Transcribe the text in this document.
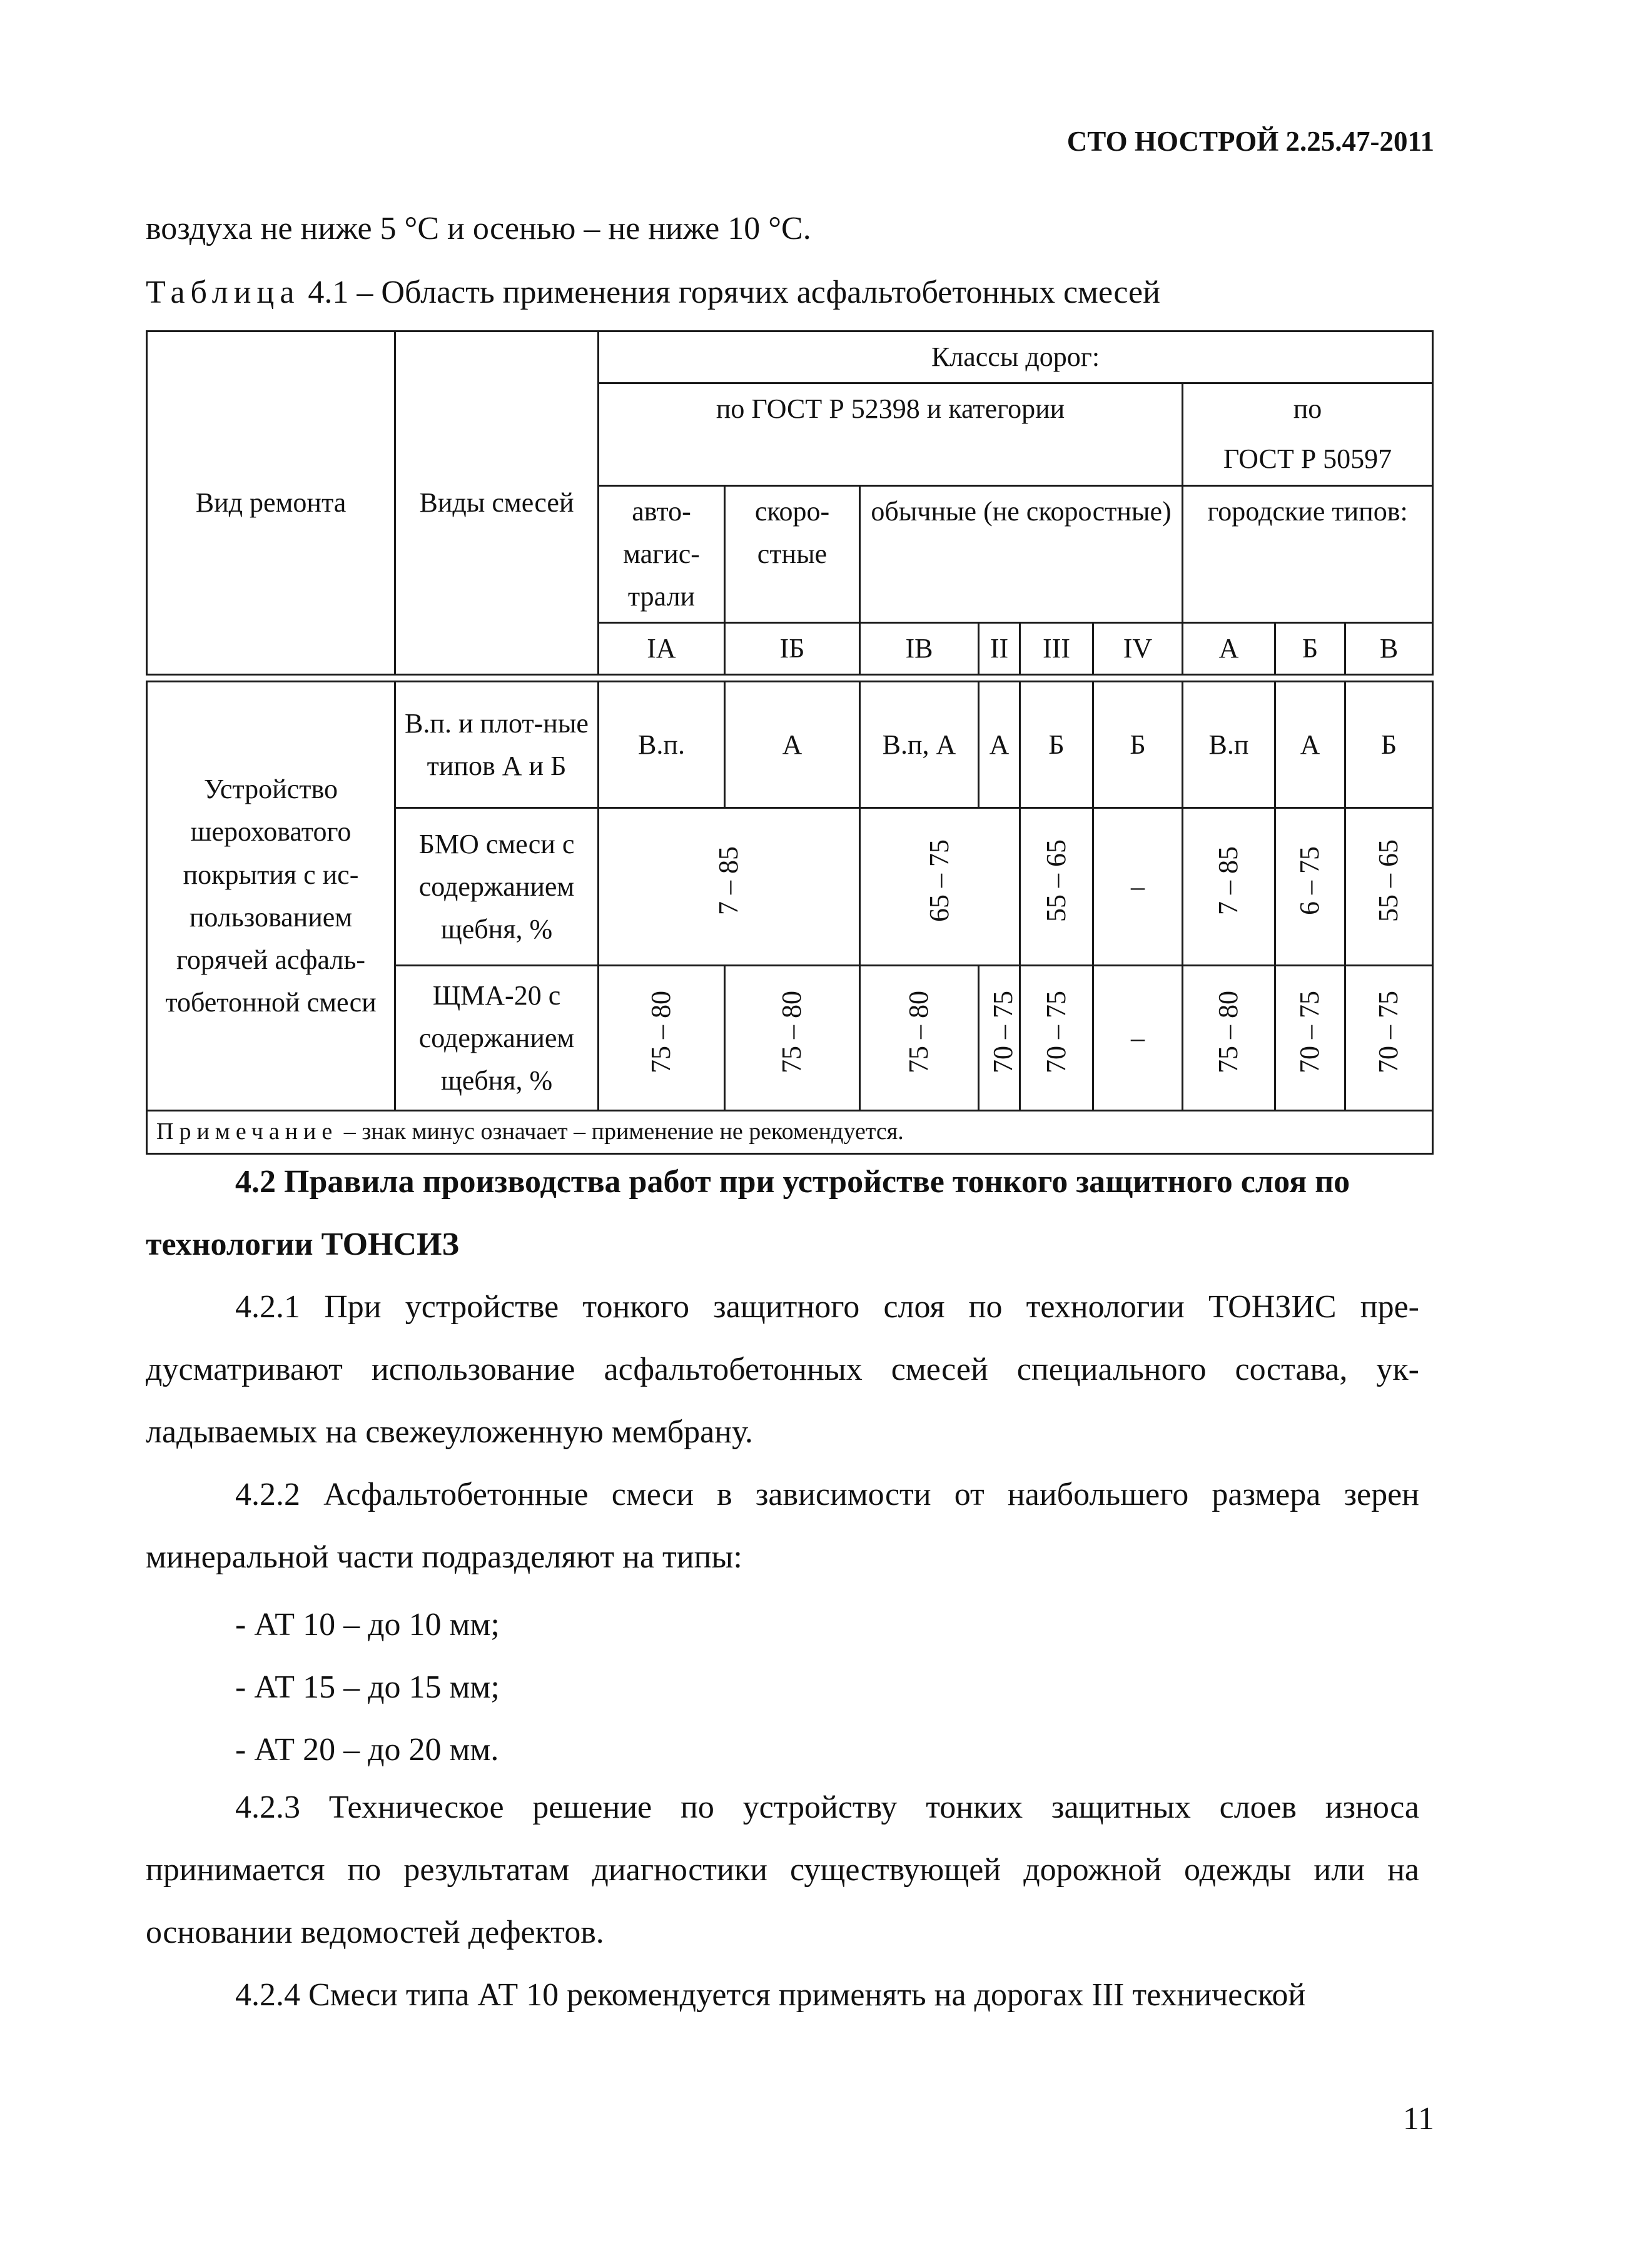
СТО НОСТРОЙ 2.25.47-2011
воздуха не ниже 5 °С и осенью – не ниже 10 °С.
Таблица 4.1 – Область применения горячих асфальтобетонных смесей
Вид ремонта	Виды смесей	Классы дорог:								
		по ГОСТ Р 52398 и категории						по		
								ГОСТ Р 50597		
		авто-магис-трали	скоро-стные	обычные (не скоростные)				городские типов:		
		IА	IБ	IВ	II	III	IV	А	Б	В

Устройство шероховатого покрытия с ис-пользованием горячей асфаль-тобетонной смеси	В.п. и плот-ные типов А и Б	В.п.	А	В.п, А	А	Б	Б	В.п	А	Б
	БМО смеси с содержанием щебня, %	7 – 85		65 – 75		55 – 65	–	7 – 85	6 – 75	55 – 65
	ЩМА-20 с содержанием щебня, %	75 – 80	75 – 80	75 – 80	70 – 75	70 – 75	–	75 – 80	70 – 75	70 – 75
Примечание – знак минус означает – применение не рекомендуется.										
4.2 Правила производства работ при устройстве тонкого защитного слоя по технологии ТОНСИЗ
4.2.1 При устройстве тонкого защитного слоя по технологии ТОНЗИС пре-дусматривают использование асфальтобетонных смесей специального состава, ук-ладываемых на свежеуложенную мембрану.
4.2.2 Асфальтобетонные смеси в зависимости от наибольшего размера зерен минеральной части подразделяют на типы:
- АТ 10 – до 10 мм;
- АТ 15 – до 15 мм;
- АТ 20 – до 20 мм.
4.2.3 Техническое решение по устройству тонких защитных слоев износа принимается по результатам диагностики существующей дорожной одежды или на основании ведомостей дефектов.
4.2.4 Смеси типа АТ 10 рекомендуется применять на дорогах III технической
11
